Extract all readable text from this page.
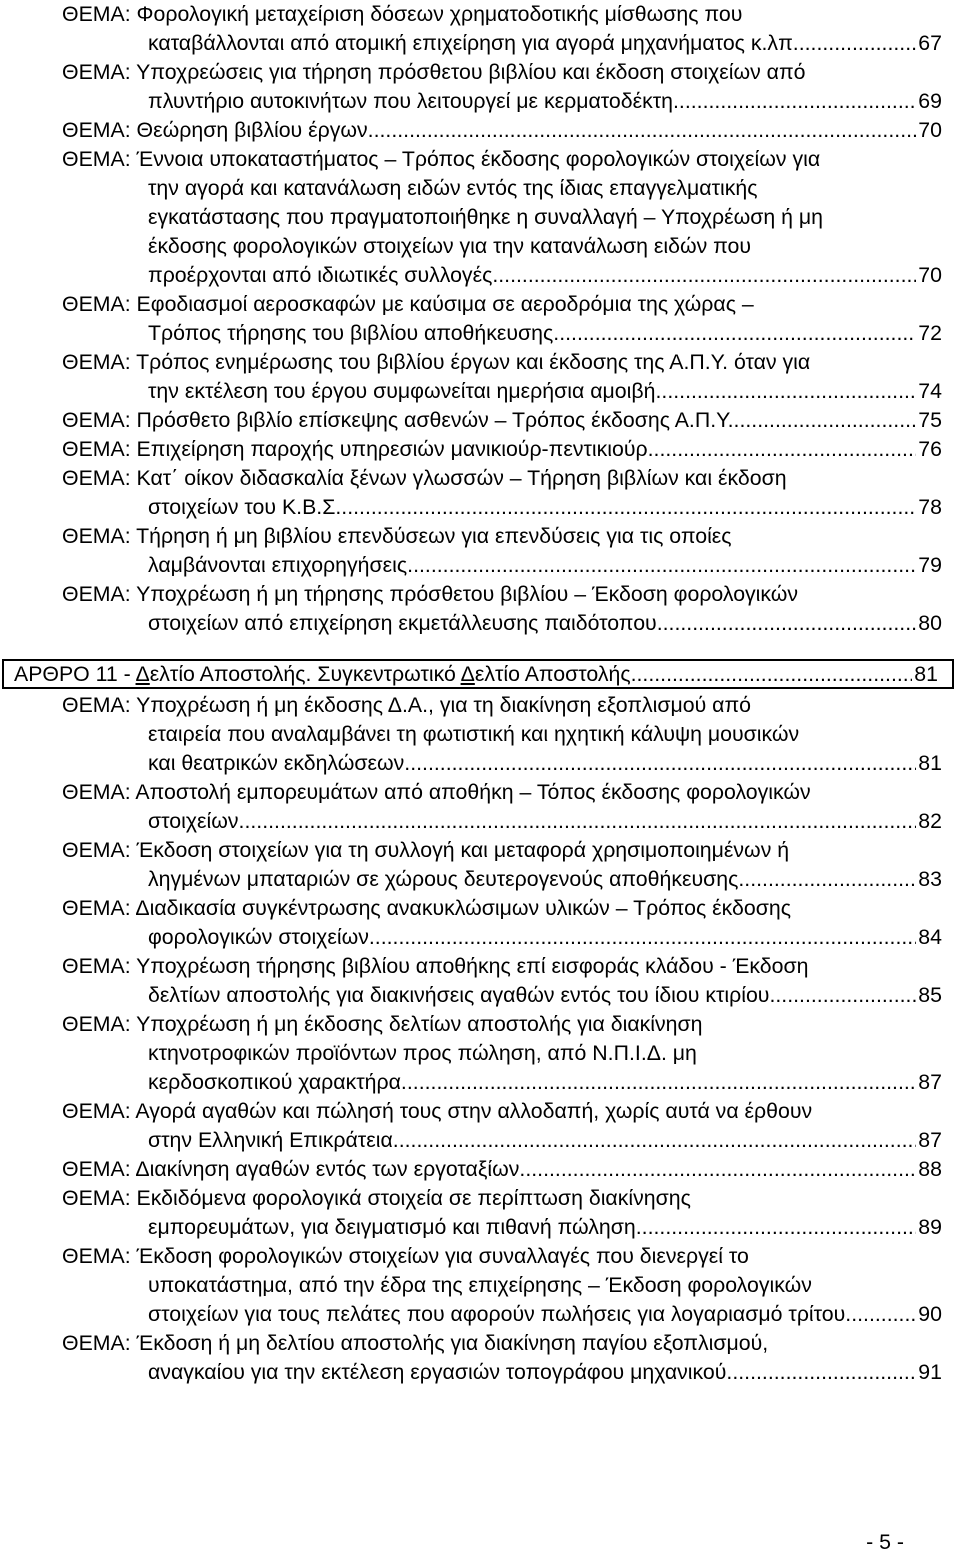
ΘΕΜΑ: Φορολογική μεταχείριση δόσεων χρηματοδοτικής μίσθωσης που
καταβάλλονται από ατομική επιχείρηση για αγορά μηχανήματος κ.λπ. .....	67
ΘΕΜΑ: Υποχρεώσεις για τήρηση πρόσθετου βιβλίου και έκδοση στοιχείων από
πλυντήριο αυτοκινήτων που λειτουργεί με κερματοδέκτη. .....	69
ΘΕΜΑ: Θεώρηση βιβλίου έργων. .....	70
ΘΕΜΑ: Έννοια υποκαταστήματος – Τρόπος έκδοσης φορολογικών στοιχείων για
την αγορά και κατανάλωση ειδών εντός της ίδιας επαγγελματικής
εγκατάστασης που πραγματοποιήθηκε η συναλλαγή – Υποχρέωση ή μη
έκδοσης φορολογικών στοιχείων για την κατανάλωση ειδών που
προέρχονται από ιδιωτικές συλλογές. .....	70
ΘΕΜΑ: Εφοδιασμοί αεροσκαφών με καύσιμα σε αεροδρόμια της χώρας –
Τρόπος τήρησης του βιβλίου αποθήκευσης. .....	72
ΘΕΜΑ: Τρόπος ενημέρωσης του βιβλίου έργων και έκδοσης της Α.Π.Υ. όταν για
την εκτέλεση του έργου συμφωνείται ημερήσια αμοιβή. .....	74
ΘΕΜΑ: Πρόσθετο βιβλίο επίσκεψης ασθενών – Τρόπος έκδοσης Α.Π.Υ. .....	75
ΘΕΜΑ: Επιχείρηση παροχής υπηρεσιών μανικιούρ-πεντικιούρ. .....	76
ΘΕΜΑ: Κατ΄ οίκον διδασκαλία ξένων γλωσσών – Τήρηση βιβλίων και έκδοση
στοιχείων του Κ.Β.Σ. .....	78
ΘΕΜΑ: Τήρηση ή μη βιβλίου επενδύσεων για επενδύσεις για τις οποίες
λαμβάνονται επιχορηγήσεις. .....	79
ΘΕΜΑ: Υποχρέωση ή μη τήρησης πρόσθετου βιβλίου – Έκδοση φορολογικών
στοιχείων από επιχείρηση εκμετάλλευσης παιδότοπου. .....	80
ΑΡΘΡΟ 11 - Δελτίο Αποστολής. Συγκεντρωτικό Δελτίο Αποστολής. .....	81
ΘΕΜΑ: Υποχρέωση ή μη έκδοσης Δ.Α., για τη διακίνηση εξοπλισμού από
εταιρεία που αναλαμβάνει τη φωτιστική και ηχητική κάλυψη μουσικών
και θεατρικών εκδηλώσεων. .....	81
ΘΕΜΑ: Αποστολή εμπορευμάτων από αποθήκη – Τόπος έκδοσης φορολογικών
στοιχείων. .....	82
ΘΕΜΑ: Έκδοση στοιχείων για τη συλλογή και μεταφορά χρησιμοποιημένων ή
ληγμένων μπαταριών σε χώρους δευτερογενούς αποθήκευσης. .....	83
ΘΕΜΑ: Διαδικασία συγκέντρωσης ανακυκλώσιμων υλικών – Τρόπος έκδοσης
φορολογικών στοιχείων. .....	84
ΘΕΜΑ: Υποχρέωση τήρησης βιβλίου αποθήκης επί εισφοράς κλάδου - Έκδοση
δελτίων αποστολής για διακινήσεις αγαθών εντός του ίδιου κτιρίου. .....	85
ΘΕΜΑ: Υποχρέωση ή μη έκδοσης δελτίων αποστολής για διακίνηση
κτηνοτροφικών προϊόντων προς πώληση, από Ν.Π.Ι.Δ. μη
κερδοσκοπικού χαρακτήρα. .....	87
ΘΕΜΑ: Αγορά αγαθών και πώλησή τους στην αλλοδαπή, χωρίς αυτά να έρθουν
στην Ελληνική Επικράτεια. .....	87
ΘΕΜΑ: Διακίνηση αγαθών εντός των εργοταξίων. .....	88
ΘΕΜΑ: Εκδιδόμενα φορολογικά στοιχεία σε περίπτωση διακίνησης
εμπορευμάτων, για δειγματισμό και πιθανή πώληση. .....	89
ΘΕΜΑ: Έκδοση φορολογικών στοιχείων για συναλλαγές που διενεργεί το
υποκατάστημα, από την έδρα της επιχείρησης – Έκδοση φορολογικών
στοιχείων για τους πελάτες που αφορούν πωλήσεις για λογαριασμό τρίτου. .....	90
ΘΕΜΑ: Έκδοση ή μη δελτίου αποστολής για διακίνηση παγίου εξοπλισμού,
αναγκαίου για την εκτέλεση εργασιών τοπογράφου μηχανικού. .....	91
- 5 -
